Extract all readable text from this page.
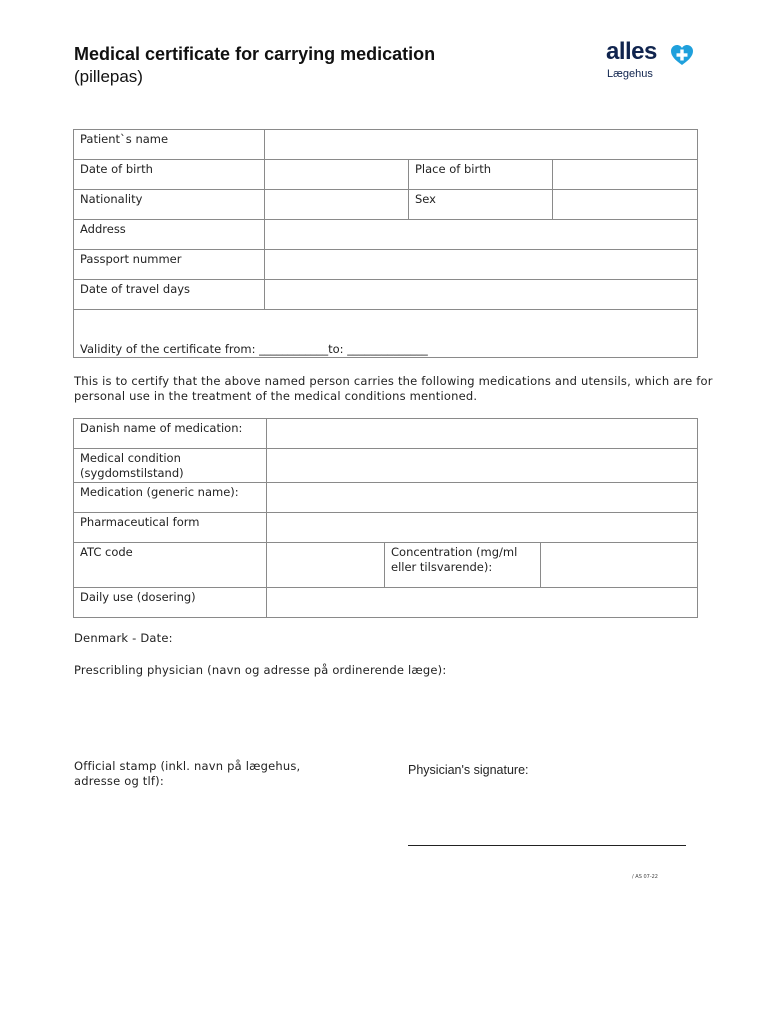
Medical certificate for carrying medication
(pillepas)
alles
Lægehus
Patient`s name			
Date of birth		Place of birth	
Nationality		Sex	
Address			
Passport nummer			
Date of travel days			
Validity of the certificate from: ____________to: ______________			
This is to certify that the above named person carries the following medications and utensils, which are for personal use in the treatment of the medical conditions mentioned.
Danish name of medication:			
Medical condition (sygdomstilstand)			
Medication (generic name):			
Pharmaceutical form			
ATC code		Concentration (mg/ml eller tilsvarende):	
Daily use (dosering)			
Denmark - Date:
Prescribling physician (navn og adresse på ordinerende læge):
Official stamp (inkl. navn på lægehus, adresse og tlf):
Physician's signature:
/ AS 07-22
